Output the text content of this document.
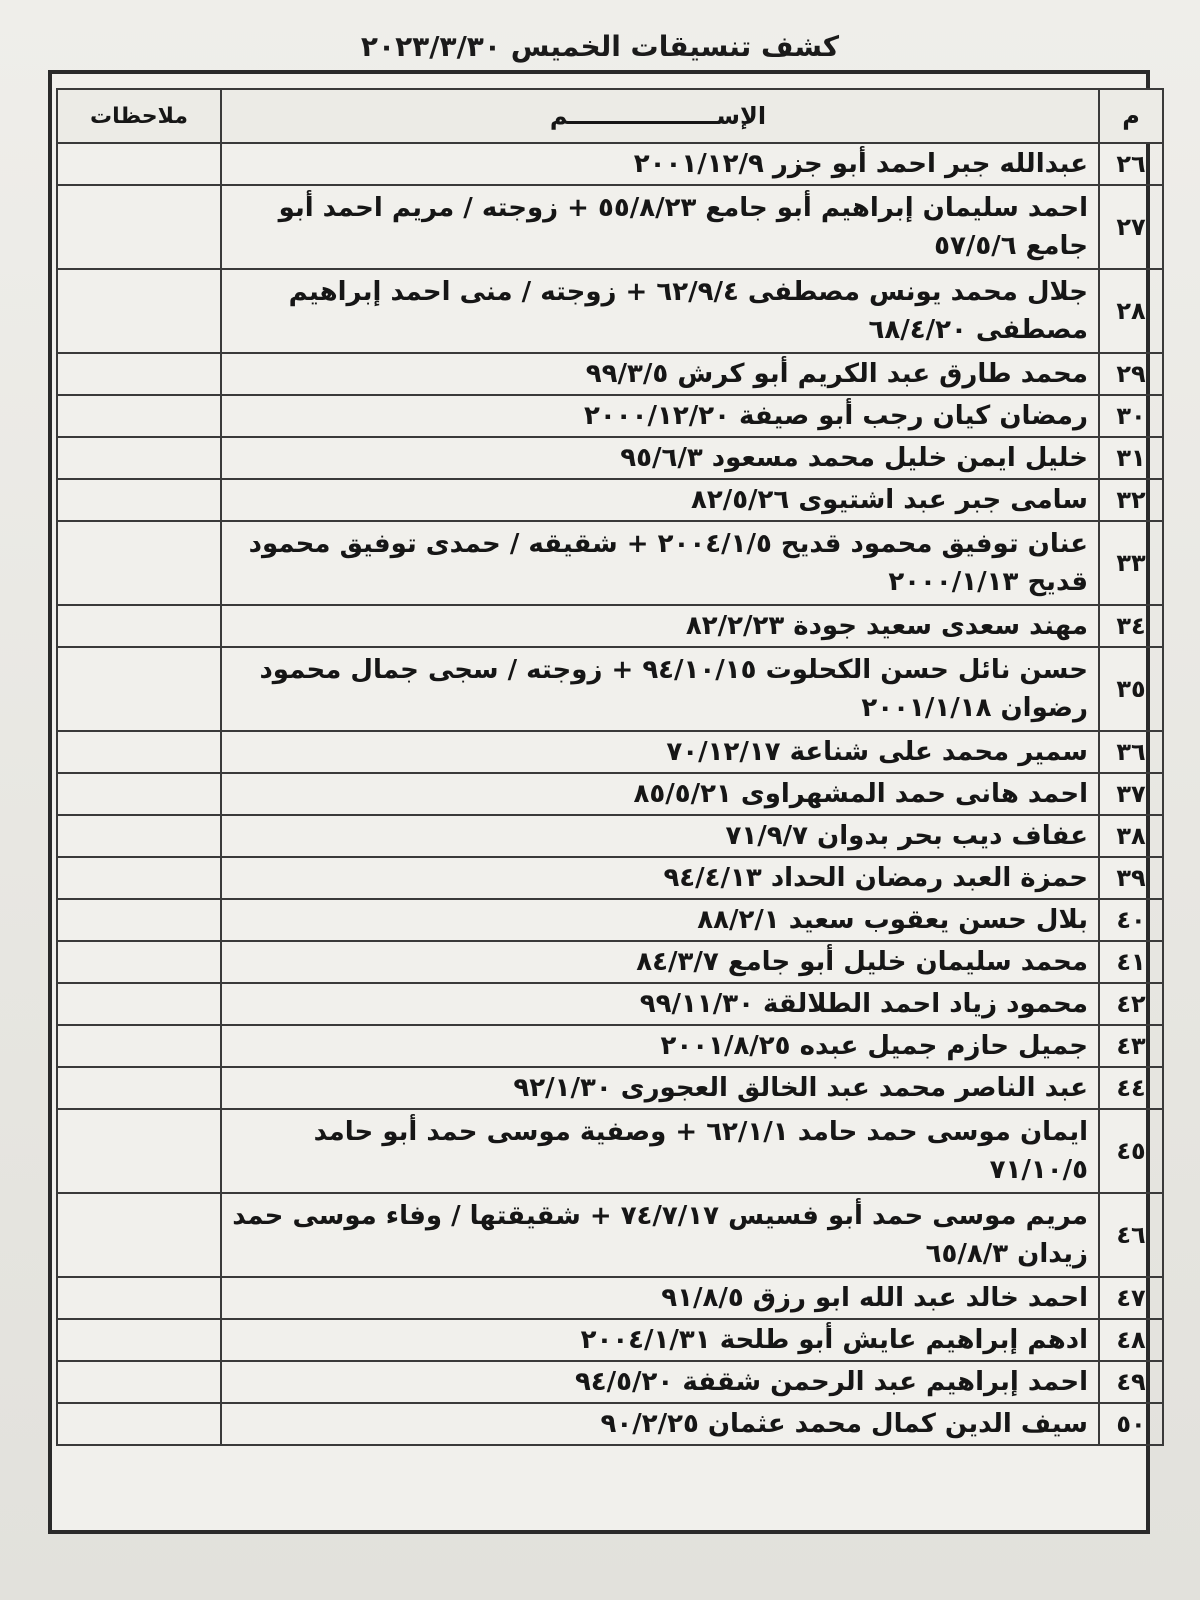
كشف تنسيقات الخميس ٢٠٢٣/٣/٣٠
م	الإســــــــــــــــــم	ملاحظات
٢٦	عبدالله جبر احمد أبو جزر ٢٠٠١/١٢/٩	
٢٧	احمد سليمان إبراهيم أبو جامع ٥٥/٨/٢٣ + زوجته / مريم احمد أبو جامع ٥٧/٥/٦	
٢٨	جلال محمد يونس مصطفى ٦٢/٩/٤ + زوجته / منى احمد إبراهيم مصطفى ٦٨/٤/٢٠	
٢٩	محمد طارق عبد الكريم أبو كرش ٩٩/٣/٥	
٣٠	رمضان كيان رجب أبو صيفة ٢٠٠٠/١٢/٢٠	
٣١	خليل ايمن خليل محمد مسعود ٩٥/٦/٣	
٣٢	سامى جبر عبد اشتيوى ٨٢/٥/٢٦	
٣٣	عنان توفيق محمود قديح ٢٠٠٤/١/٥ + شقيقه / حمدى توفيق محمود قديح ٢٠٠٠/١/١٣	
٣٤	مهند سعدى سعيد جودة ٨٢/٢/٢٣	
٣٥	حسن نائل حسن الكحلوت ٩٤/١٠/١٥ + زوجته / سجى جمال محمود رضوان ٢٠٠١/١/١٨	
٣٦	سمير محمد على شناعة ٧٠/١٢/١٧	
٣٧	احمد هانى حمد المشهراوى ٨٥/٥/٢١	
٣٨	عفاف ديب بحر بدوان ٧١/٩/٧	
٣٩	حمزة العبد رمضان الحداد ٩٤/٤/١٣	
٤٠	بلال حسن يعقوب سعيد ٨٨/٢/١	
٤١	محمد سليمان خليل أبو جامع ٨٤/٣/٧	
٤٢	محمود زياد احمد الطلالقة ٩٩/١١/٣٠	
٤٣	جميل حازم جميل عبده ٢٠٠١/٨/٢٥	
٤٤	عبد الناصر محمد عبد الخالق العجورى ٩٢/١/٣٠	
٤٥	ايمان موسى حمد حامد ٦٢/١/١ + وصفية موسى حمد أبو حامد ٧١/١٠/٥	
٤٦	مريم موسى حمد أبو فسيس ٧٤/٧/١٧ + شقيقتها / وفاء موسى حمد زيدان ٦٥/٨/٣	
٤٧	احمد خالد عبد الله ابو رزق ٩١/٨/٥	
٤٨	ادهم إبراهيم عايش أبو طلحة ٢٠٠٤/١/٣١	
٤٩	احمد إبراهيم عبد الرحمن شقفة ٩٤/٥/٢٠	
٥٠	سيف الدين كمال محمد عثمان ٩٠/٢/٢٥	
